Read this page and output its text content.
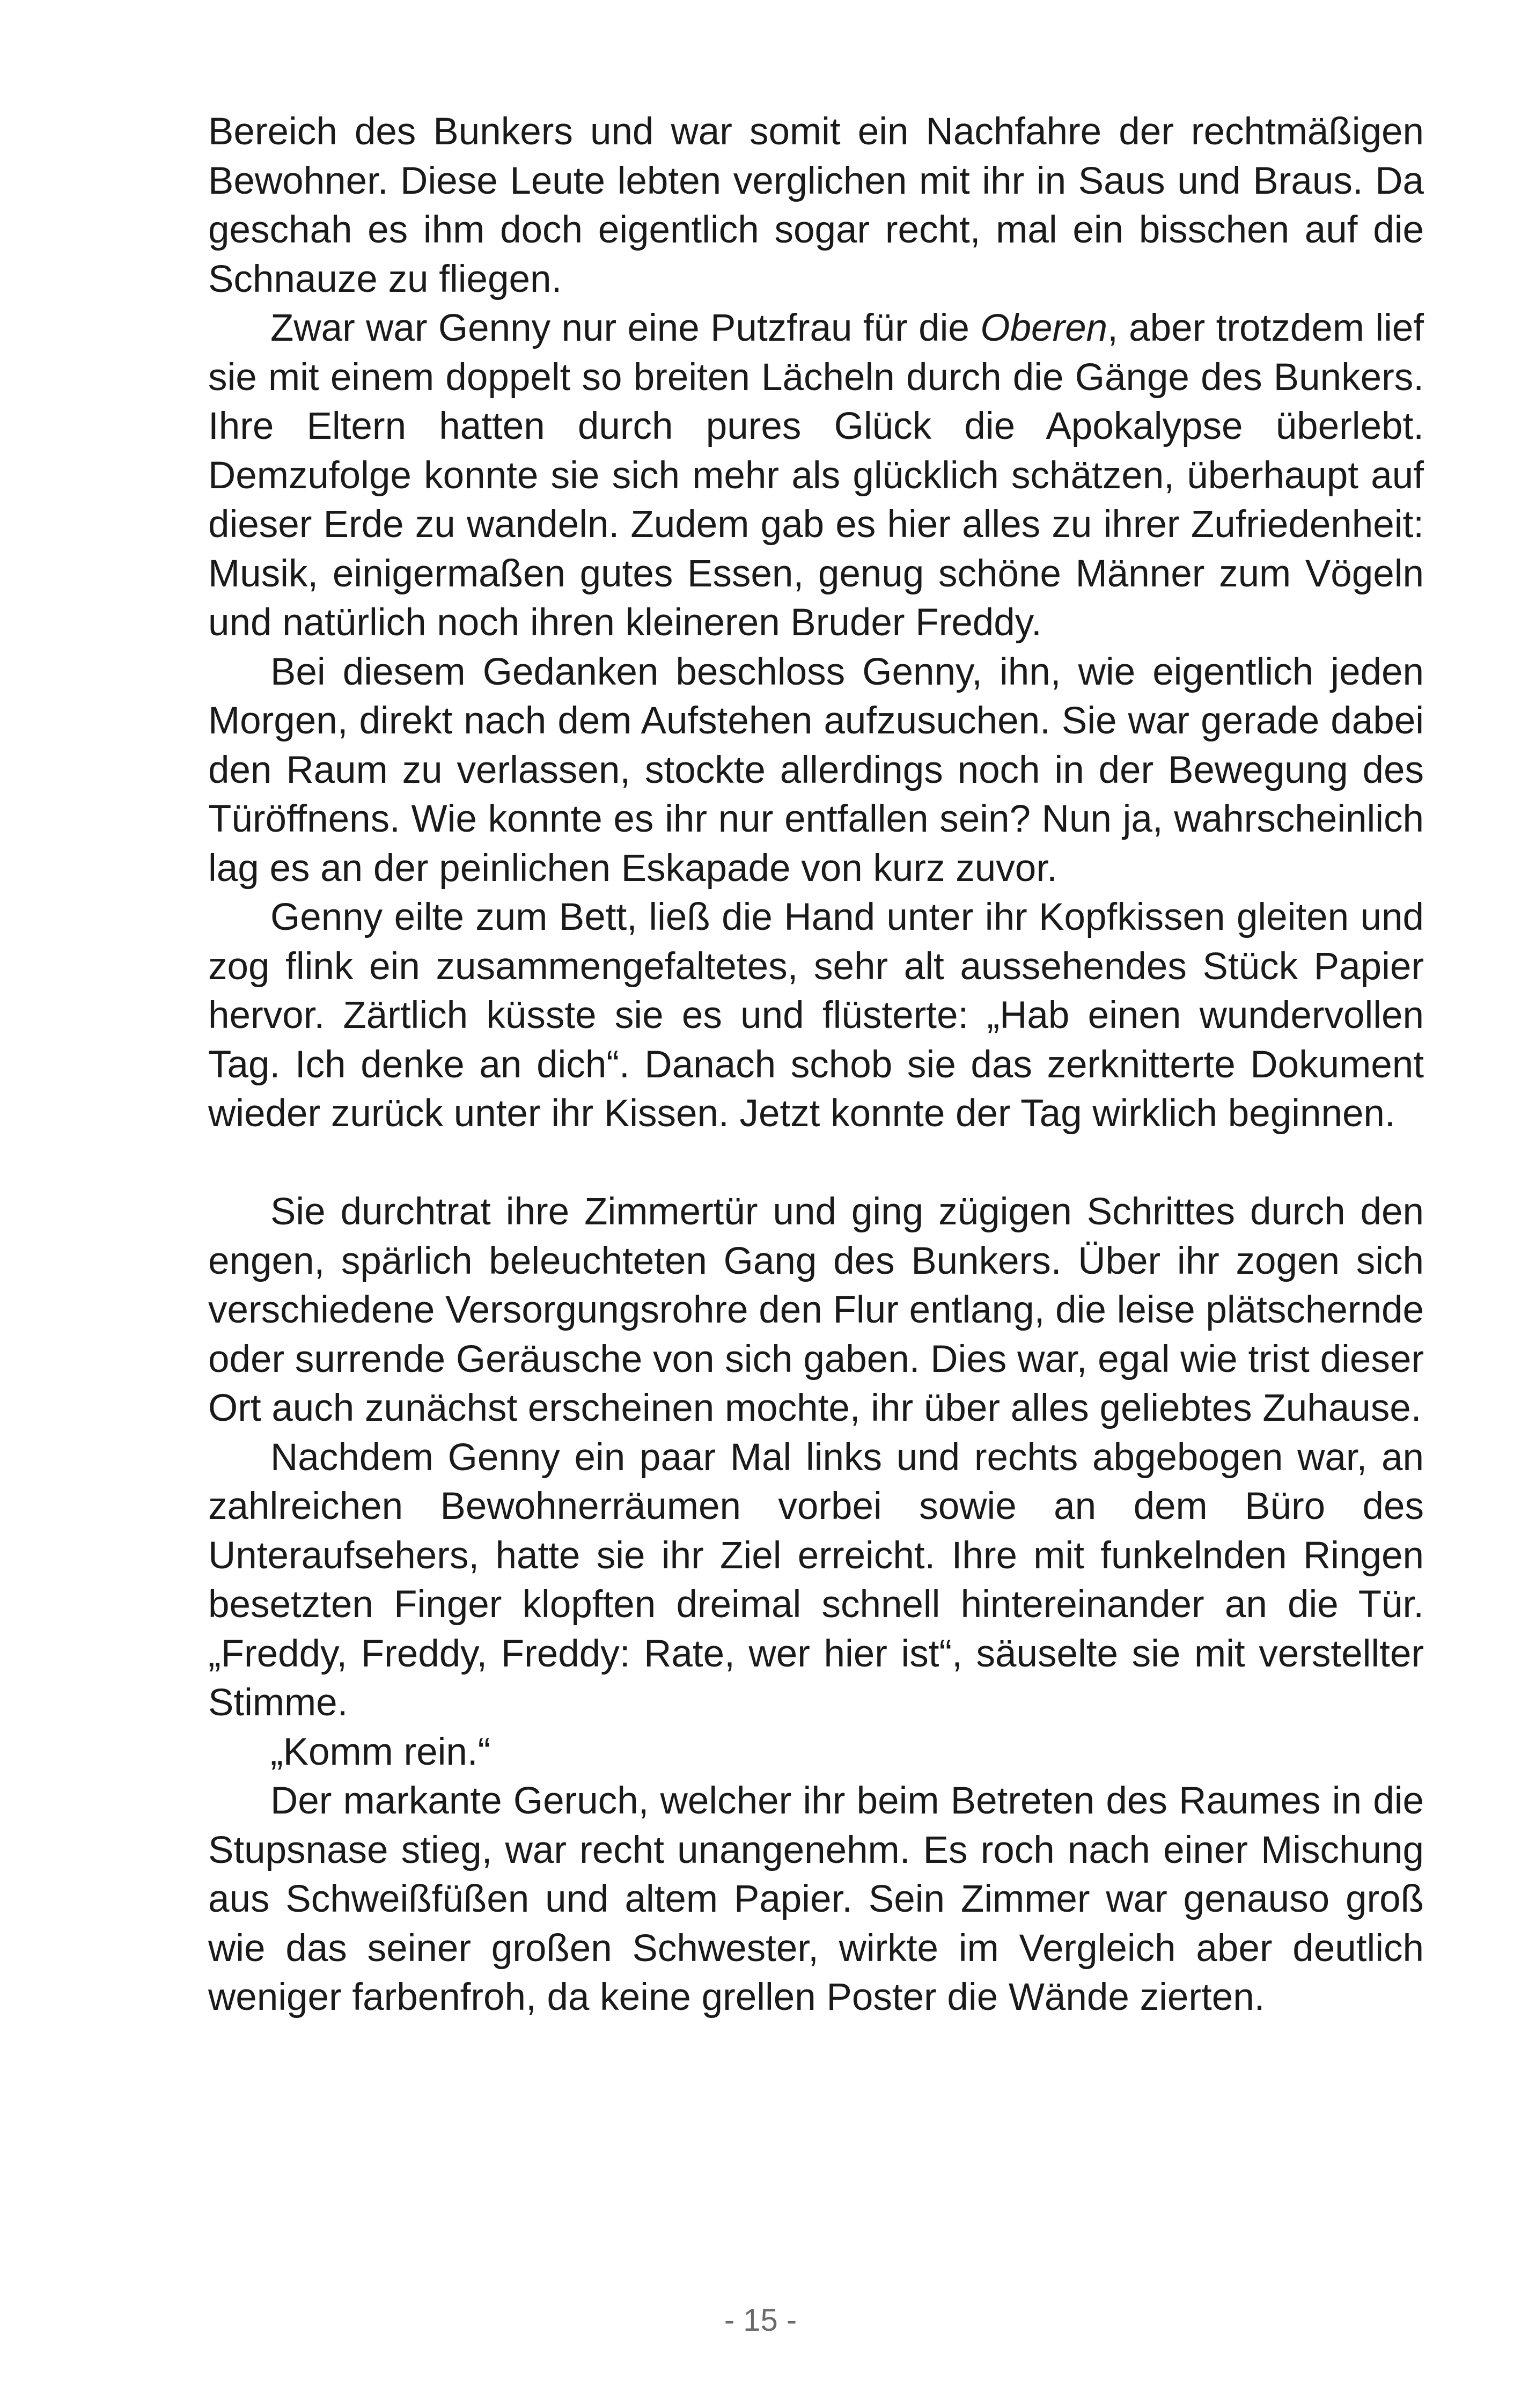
Bereich des Bunkers und war somit ein Nachfahre der rechtmäßigen Bewohner. Diese Leute lebten verglichen mit ihr in Saus und Braus. Da geschah es ihm doch eigentlich sogar recht, mal ein bisschen auf die Schnauze zu fliegen.

Zwar war Genny nur eine Putzfrau für die Oberen, aber trotzdem lief sie mit einem doppelt so breiten Lächeln durch die Gänge des Bunkers. Ihre Eltern hatten durch pures Glück die Apokalypse überlebt. Demzufolge konnte sie sich mehr als glücklich schätzen, überhaupt auf dieser Erde zu wandeln. Zudem gab es hier alles zu ihrer Zufriedenheit: Musik, einigermaßen gutes Essen, genug schöne Männer zum Vögeln und natürlich noch ihren kleineren Bruder Freddy.

Bei diesem Gedanken beschloss Genny, ihn, wie eigentlich jeden Morgen, direkt nach dem Aufstehen aufzusuchen. Sie war gerade dabei den Raum zu verlassen, stockte allerdings noch in der Bewegung des Türöffnens. Wie konnte es ihr nur entfallen sein? Nun ja, wahrscheinlich lag es an der peinlichen Eskapade von kurz zuvor.

Genny eilte zum Bett, ließ die Hand unter ihr Kopfkissen gleiten und zog flink ein zusammengefaltetes, sehr alt aussehendes Stück Papier hervor. Zärtlich küsste sie es und flüsterte: „Hab einen wundervollen Tag. Ich denke an dich“. Danach schob sie das zerknitterte Dokument wieder zurück unter ihr Kissen. Jetzt konnte der Tag wirklich beginnen.

Sie durchtrat ihre Zimmertür und ging zügigen Schrittes durch den engen, spärlich beleuchteten Gang des Bunkers. Über ihr zogen sich verschiedene Versorgungsrohre den Flur entlang, die leise plätschernde oder surrende Geräusche von sich gaben. Dies war, egal wie trist dieser Ort auch zunächst erscheinen mochte, ihr über alles geliebtes Zuhause.

Nachdem Genny ein paar Mal links und rechts abgebogen war, an zahlreichen Bewohnerräumen vorbei sowie an dem Büro des Unteraufsehers, hatte sie ihr Ziel erreicht. Ihre mit funkelnden Ringen besetzten Finger klopften dreimal schnell hintereinander an die Tür. „Freddy, Freddy, Freddy: Rate, wer hier ist“, säuselte sie mit verstellter Stimme.

„Komm rein.“

Der markante Geruch, welcher ihr beim Betreten des Raumes in die Stupsnase stieg, war recht unangenehm. Es roch nach einer Mischung aus Schweißfüßen und altem Papier. Sein Zimmer war genauso groß wie das seiner großen Schwester, wirkte im Vergleich aber deutlich weniger farbenfroh, da keine grellen Poster die Wände zierten.

- 15 -
